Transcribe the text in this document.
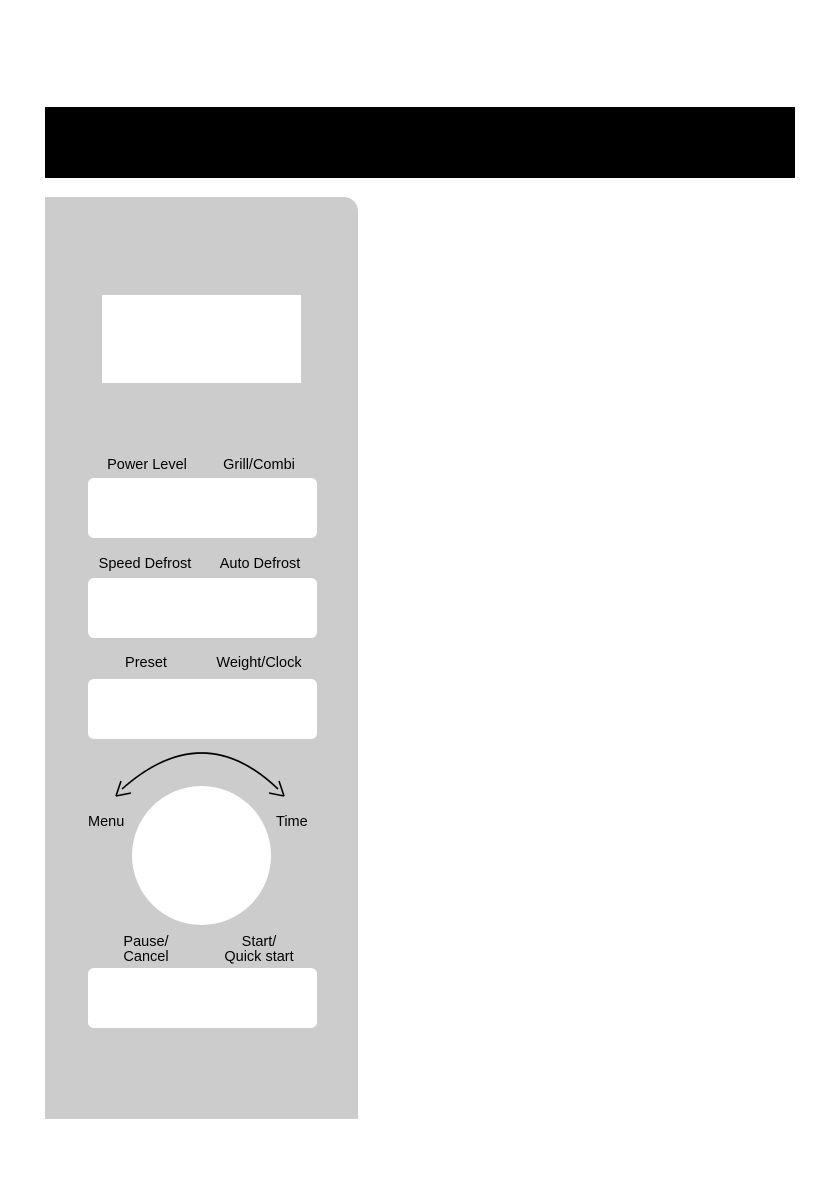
Power Level	Grill/Combi
Speed Defrost Auto Defrost
Preset	Weight/Clock
Menu	Time
Pause/
Cancel
Start/
Quick start
